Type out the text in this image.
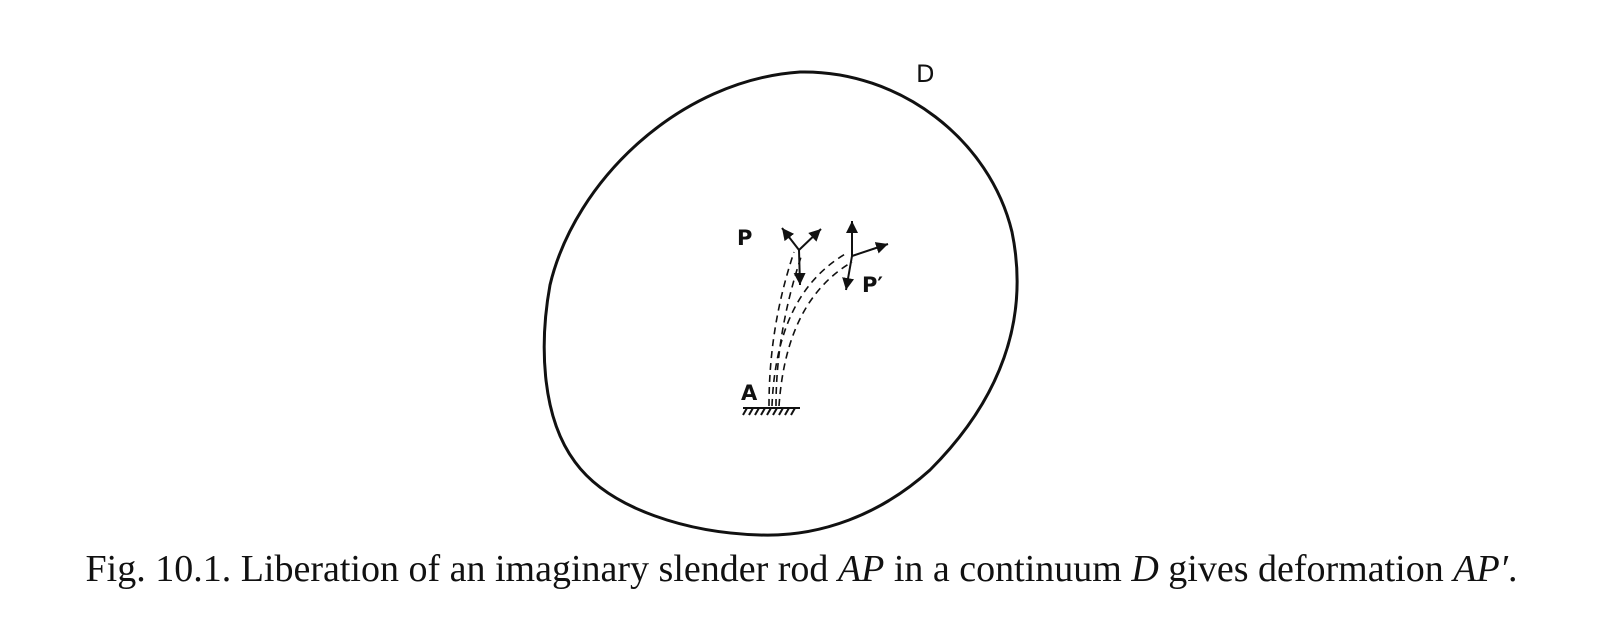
D
P
P′
A
Fig. 10.1. Liberation of an imaginary slender rod AP in a continuum D gives deformation AP′.
